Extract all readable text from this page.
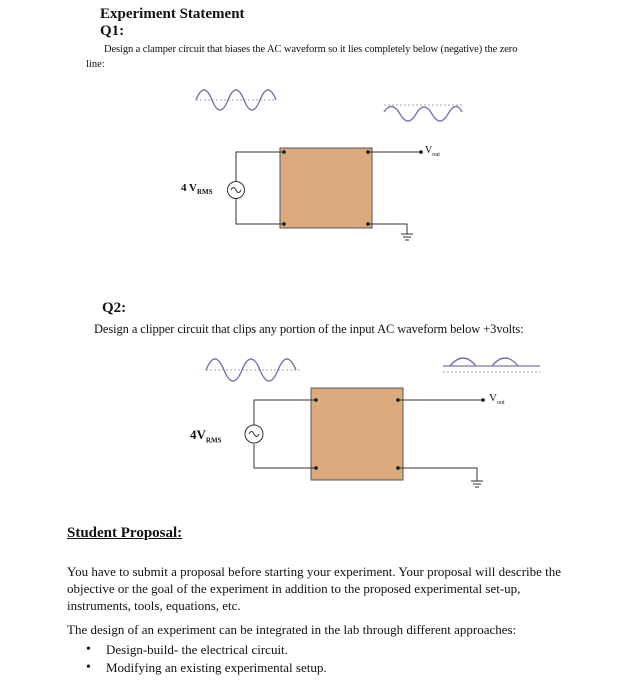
Experiment Statement
Q1:
Design a clamper circuit that biases the AC waveform so it lies completely below (negative) the zero
line:
Q2:
Design a clipper circuit that clips any portion of the input AC waveform below +3volts:
4 $V_{RMS}$
$V_{out}$
$4V_{RMS}$
$V_{out}$
Student Proposal:
You have to submit a proposal before starting your experiment. Your proposal will describe the objective or the goal of the experiment in addition to the proposed experimental set-up, instruments, tools, equations, etc.
The design of an experiment can be integrated in the lab through different approaches:
• Design-build- the electrical circuit.
• Modifying an existing experimental setup.
